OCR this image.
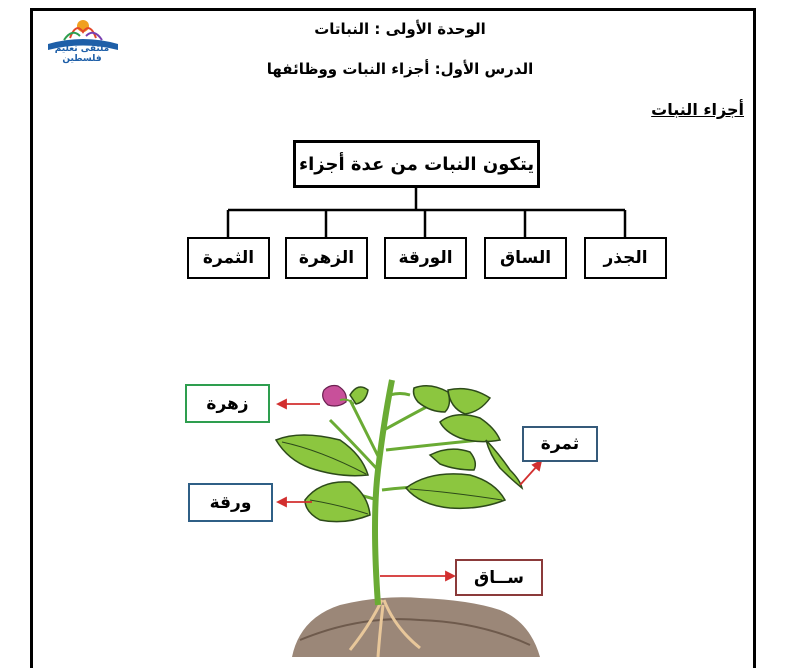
ملتقى تعليم فلسطين
الوحدة الأولى : النباتات
الدرس الأول: أجزاء النبات ووظائفها
أجزاء النبات
يتكون النبات من عدة أجزاء
الجذر
الساق
الورقة
الزهرة
الثمرة
زهرة
ورقة
ثمرة
ســاق
